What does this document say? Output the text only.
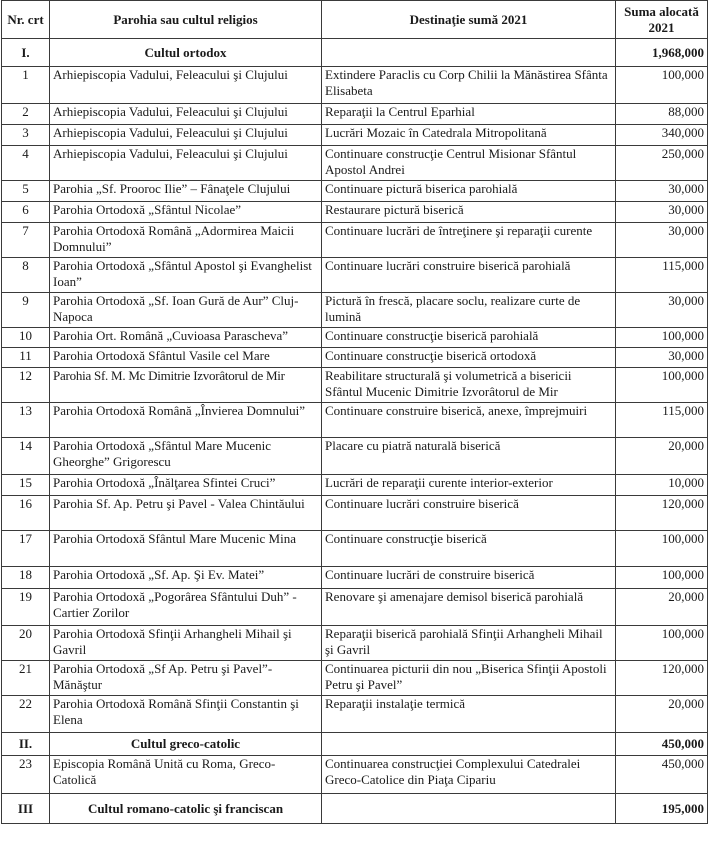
Nr. crt	Parohia sau cultul religios	Destinaţie sumă 2021	Suma alocată 2021
I.	Cultul ortodox		1,968,000
1	Arhiepiscopia Vadului, Feleacului şi Clujului	Extindere Paraclis cu Corp Chilii la Mănăstirea Sfânta Elisabeta	100,000
2	Arhiepiscopia Vadului, Feleacului şi Clujului	Reparaţii la Centrul Eparhial	88,000
3	Arhiepiscopia Vadului, Feleacului şi Clujului	Lucrări Mozaic în Catedrala Mitropolitană	340,000
4	Arhiepiscopia Vadului, Feleacului şi Clujului	Continuare construcţie Centrul Misionar Sfântul Apostol Andrei	250,000
5	Parohia „Sf. Prooroc Ilie” – Fânaţele Clujului	Continuare pictură biserica parohială	30,000
6	Parohia Ortodoxă „Sfântul Nicolae”	Restaurare pictură biserică	30,000
7	Parohia Ortodoxă Română „Adormirea Maicii Domnului”	Continuare lucrări de întreţinere şi reparaţii curente	30,000
8	Parohia Ortodoxă „Sfântul Apostol şi Evanghelist Ioan”	Continuare lucrări construire biserică parohială	115,000
9	Parohia Ortodoxă „Sf. Ioan Gură de Aur” Cluj-Napoca	Pictură în frescă, placare soclu, realizare curte de lumină	30,000
10	Parohia Ort. Română „Cuvioasa Parascheva”	Continuare construcţie biserică parohială	100,000
11	Parohia Ortodoxă Sfântul Vasile cel Mare	Continuare construcţie biserică ortodoxă	30,000
12	Parohia Sf. M. Mc Dimitrie Izvorâtorul de Mir	Reabilitare structurală şi volumetrică a bisericii Sfântul Mucenic Dimitrie Izvorâtorul de Mir	100,000
13	Parohia Ortodoxă Română „Învierea Domnului”	Continuare construire biserică, anexe, împrejmuiri	115,000
14	Parohia Ortodoxă „Sfântul Mare Mucenic Gheorghe” Grigorescu	Placare cu piatră naturală biserică	20,000
15	Parohia Ortodoxă „Înălţarea Sfintei Cruci”	Lucrări de reparaţii curente interior-exterior	10,000
16	Parohia Sf. Ap. Petru şi Pavel - Valea Chintăului	Continuare lucrări construire biserică	120,000
17	Parohia Ortodoxă Sfântul Mare Mucenic Mina	Continuare construcţie biserică	100,000
18	Parohia Ortodoxă „Sf. Ap. Şi Ev. Matei”	Continuare lucrări de construire biserică	100,000
19	Parohia Ortodoxă „Pogorârea Sfântului Duh” -Cartier Zorilor	Renovare şi amenajare demisol biserică parohială	20,000
20	Parohia Ortodoxă Sfinţii Arhangheli Mihail şi Gavril	Reparaţii biserică parohială Sfinţii Arhangheli Mihail şi Gavril	100,000
21	Parohia Ortodoxă „Sf Ap. Petru şi Pavel”- Mănăştur	Continuarea picturii din nou „Biserica Sfinţii Apostoli Petru şi Pavel”	120,000
22	Parohia Ortodoxă Română Sfinţii Constantin şi Elena	Reparaţii instalaţie termică	20,000
II.	Cultul greco-catolic		450,000
23	Episcopia Română Unită cu Roma, Greco-Catolică	Continuarea construcţiei Complexului Catedralei Greco-Catolice din Piaţa Cipariu	450,000
III	Cultul romano-catolic şi franciscan		195,000
